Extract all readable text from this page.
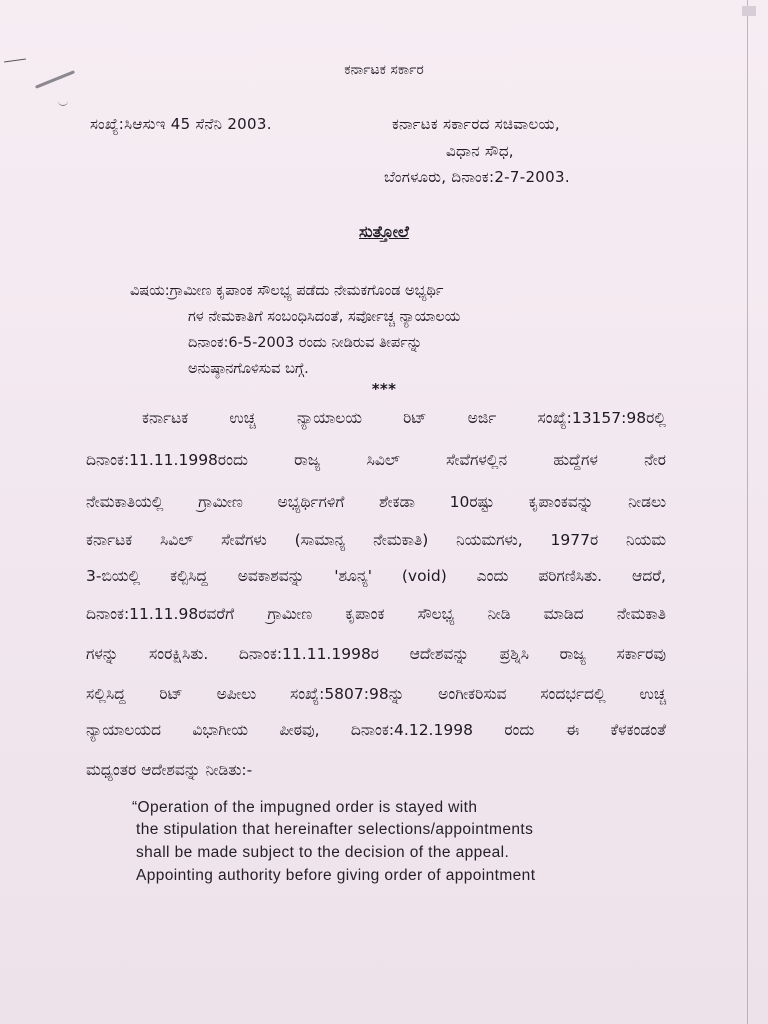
ಕರ್ನಾಟಕ ಸರ್ಕಾರ
ಸಂಖ್ಯೆ:ಸಿಆಸುಇ 45 ಸೆನೆನಿ 2003.	ಕರ್ನಾಟಕ ಸರ್ಕಾರದ ಸಚಿವಾಲಯ,
ವಿಧಾನ ಸೌಧ,
ಬೆಂಗಳೂರು, ದಿನಾಂಕ:2-7-2003.
ಸುತ್ತೋಲೆ
ವಿಷಯ:ಗ್ರಾಮೀಣ ಕೃಪಾಂಕ ಸೌಲಭ್ಯ ಪಡೆದು ನೇಮಕಗೊಂಡ ಅಭ್ಯರ್ಥಿ
ಗಳ ನೇಮಕಾತಿಗೆ ಸಂಬಂಧಿಸಿದಂತೆ, ಸರ್ವೋಚ್ಚ ನ್ಯಾಯಾಲಯ
ದಿನಾಂಕ:6-5-2003 ರಂದು ನೀಡಿರುವ ತೀರ್ಪನ್ನು
ಅನುಷ್ಠಾನಗೊಳಿಸುವ ಬಗ್ಗೆ.
***
ಕರ್ನಾಟಕ ಉಚ್ಚ ನ್ಯಾಯಾಲಯ ರಿಟ್ ಅರ್ಜಿ ಸಂಖ್ಯೆ:13157:98ರಲ್ಲಿ
ದಿನಾಂಕ:11.11.1998ರಂದು ರಾಜ್ಯ ಸಿವಿಲ್ ಸೇವೆಗಳಲ್ಲಿನ ಹುದ್ದೆಗಳ ನೇರ
ನೇಮಕಾತಿಯಲ್ಲಿ ಗ್ರಾಮೀಣ ಅಭ್ಯರ್ಥಿಗಳಿಗೆ ಶೇಕಡಾ 10ರಷ್ಟು ಕೃಪಾಂಕವನ್ನು ನೀಡಲು
ಕರ್ನಾಟಕ ಸಿವಿಲ್ ಸೇವೆಗಳು (ಸಾಮಾನ್ಯ ನೇಮಕಾತಿ) ನಿಯಮಗಳು, 1977ರ ನಿಯಮ
3-ಬಿಯಲ್ಲಿ ಕಲ್ಪಿಸಿದ್ದ ಅವಕಾಶವನ್ನು 'ಶೂನ್ಯ' (void) ಎಂದು ಪರಿಗಣಿಸಿತು. ಆದರೆ,
ದಿನಾಂಕ:11.11.98ರವರೆಗೆ ಗ್ರಾಮೀಣ ಕೃಪಾಂಕ ಸೌಲಭ್ಯ ನೀಡಿ ಮಾಡಿದ ನೇಮಕಾತಿ
ಗಳನ್ನು ಸಂರಕ್ಷಿಸಿತು. ದಿನಾಂಕ:11.11.1998ರ ಆದೇಶವನ್ನು ಪ್ರಶ್ನಿಸಿ ರಾಜ್ಯ ಸರ್ಕಾರವು
ಸಲ್ಲಿಸಿದ್ದ ರಿಟ್ ಅಪೀಲು ಸಂಖ್ಯೆ:5807:98ನ್ನು ಅಂಗೀಕರಿಸುವ ಸಂದರ್ಭದಲ್ಲಿ ಉಚ್ಚ
ನ್ಯಾಯಾಲಯದ ವಿಭಾಗೀಯ ಪೀಠವು, ದಿನಾಂಕ:4.12.1998 ರಂದು ಈ ಕೆಳಕಂಡಂತೆ
ಮಧ್ಯಂತರ ಆದೇಶವನ್ನು ನೀಡಿತು:-
“Operation of the impugned order is stayed with
the stipulation that hereinafter selections/appointments
shall be made subject to the decision of the appeal.
Appointing authority before giving order of appointment
